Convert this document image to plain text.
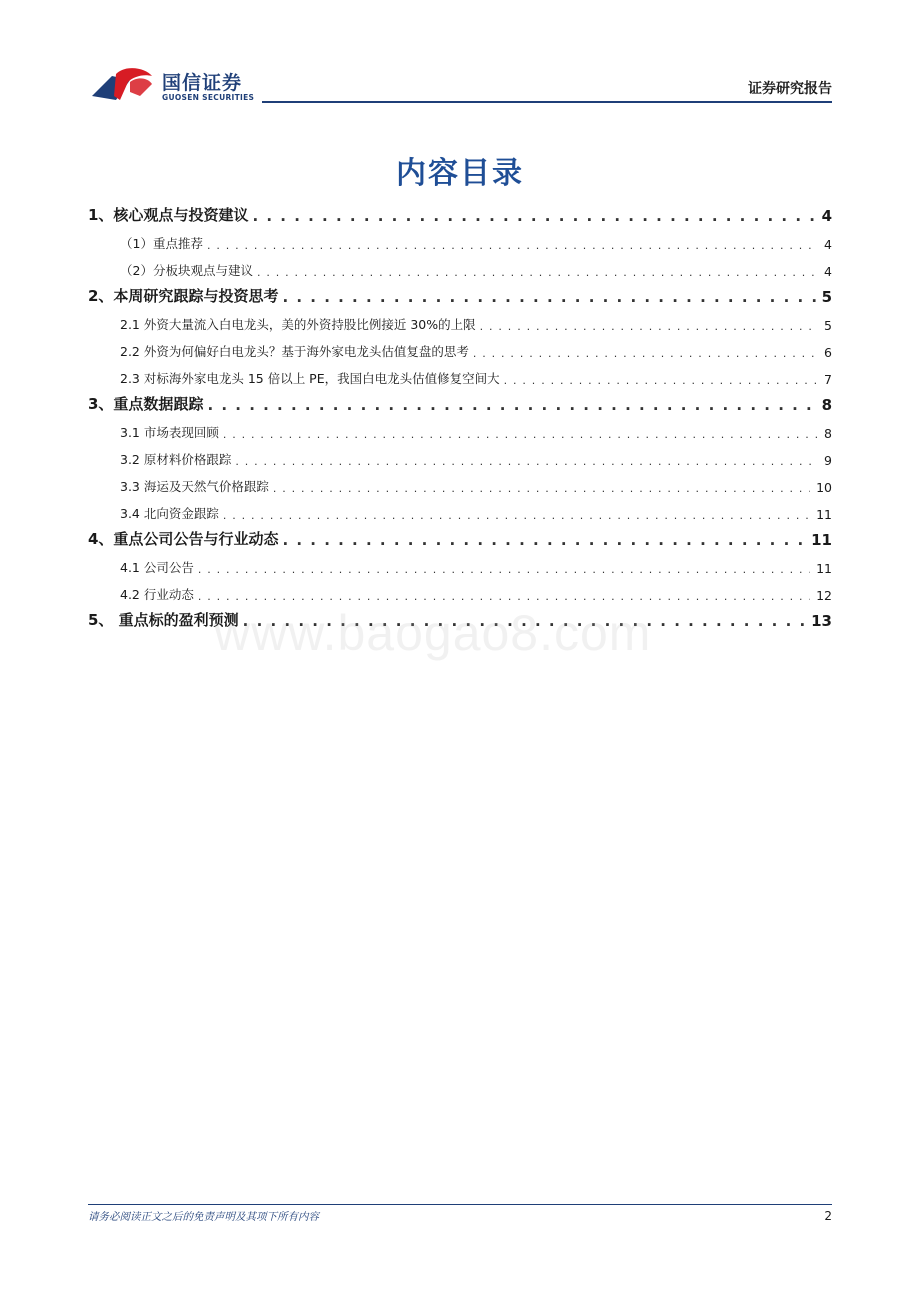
国信证券
GUOSEN SECURITIES
证券研究报告
内容目录
1、核心观点与投资建议 . . .	4
（1）重点推荐 . . .	4
（2）分板块观点与建议 . . .	4
2、本周研究跟踪与投资思考 . . .	5
2.1 外资大量流入白电龙头，美的外资持股比例接近 30%的上限 . . .	5
2.2 外资为何偏好白电龙头？基于海外家电龙头估值复盘的思考 . . .	6
2.3 对标海外家电龙头 15 倍以上 PE，我国白电龙头估值修复空间大 . . .	7
3、重点数据跟踪 . . .	8
3.1 市场表现回顾 . . .	8
3.2 原材料价格跟踪 . . .	9
3.3 海运及天然气价格跟踪 . . .	10
3.4 北向资金跟踪 . . .	11
4、重点公司公告与行业动态 . . .	11
4.1 公司公告 . . .	11
4.2 行业动态 . . .	12
5、 重点标的盈利预测 . . .	13
www.baogao8.com
请务必阅读正文之后的免责声明及其项下所有内容	2
